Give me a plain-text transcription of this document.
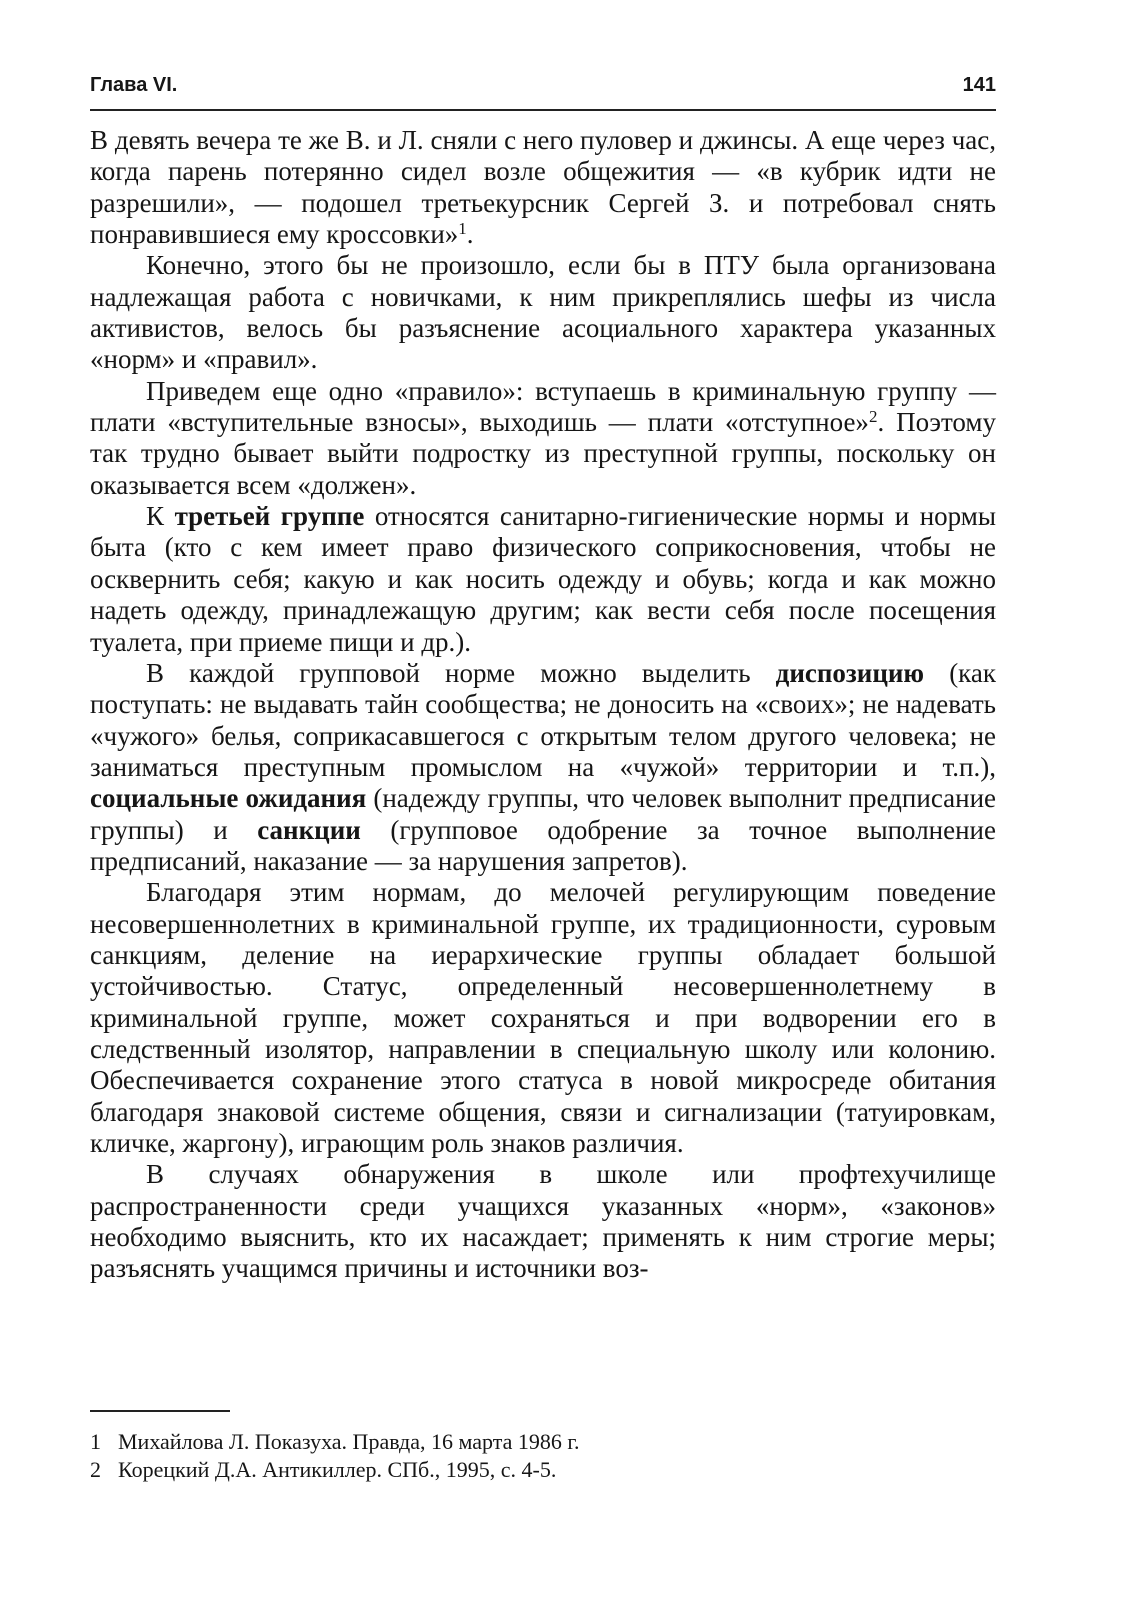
Глава VI.	141

В девять вечера те же В. и Л. сняли с него пуловер и джинсы. А еще через час, когда парень потерянно сидел возле общежития — «в кубрик идти не разрешили», — подошел третьекурсник Сергей З. и потребовал снять понравившиеся ему кроссовки»$^1$.

Конечно, этого бы не произошло, если бы в ПТУ была организована надлежащая работа с новичками, к ним прикреплялись шефы из числа активистов, велось бы разъяснение асоциального характера указанных «норм» и «правил».

Приведем еще одно «правило»: вступаешь в криминальную группу — плати «вступительные взносы», выходишь — плати «отступное»$^2$. Поэтому так трудно бывает выйти подростку из преступной группы, поскольку он оказывается всем «должен».

К третьей группе относятся санитарно-гигиенические нормы и нормы быта (кто с кем имеет право физического соприкосновения, чтобы не осквернить себя; какую и как носить одежду и обувь; когда и как можно надеть одежду, принадлежащую другим; как вести себя после посещения туалета, при приеме пищи и др.).

В каждой групповой норме можно выделить диспозицию (как поступать: не выдавать тайн сообщества; не доносить на «своих»; не надевать «чужого» белья, соприкасавшегося с открытым телом другого человека; не заниматься преступным промыслом на «чужой» территории и т.п.), социальные ожидания (надежду группы, что человек выполнит предписание группы) и санкции (групповое одобрение за точное выполнение предписаний, наказание — за нарушения запретов).

Благодаря этим нормам, до мелочей регулирующим поведение несовершеннолетних в криминальной группе, их традиционности, суровым санкциям, деление на иерархические группы обладает большой устойчивостью. Статус, определенный несовершеннолетнему в криминальной группе, может сохраняться и при водворении его в следственный изолятор, направлении в специальную школу или колонию. Обеспечивается сохранение этого статуса в новой микросреде обитания благодаря знаковой системе общения, связи и сигнализации (татуировкам, кличке, жаргону), играющим роль знаков различия.

В случаях обнаружения в школе или профтехучилище распространенности среди учащихся указанных «норм», «законов» необходимо выяснить, кто их насаждает; применять к ним строгие меры; разъяснять учащимся причины и источники воз-

1 Михайлова Л. Показуха. Правда, 16 марта 1986 г.
2 Корецкий Д.А. Антикиллер. СПб., 1995, с. 4-5.
